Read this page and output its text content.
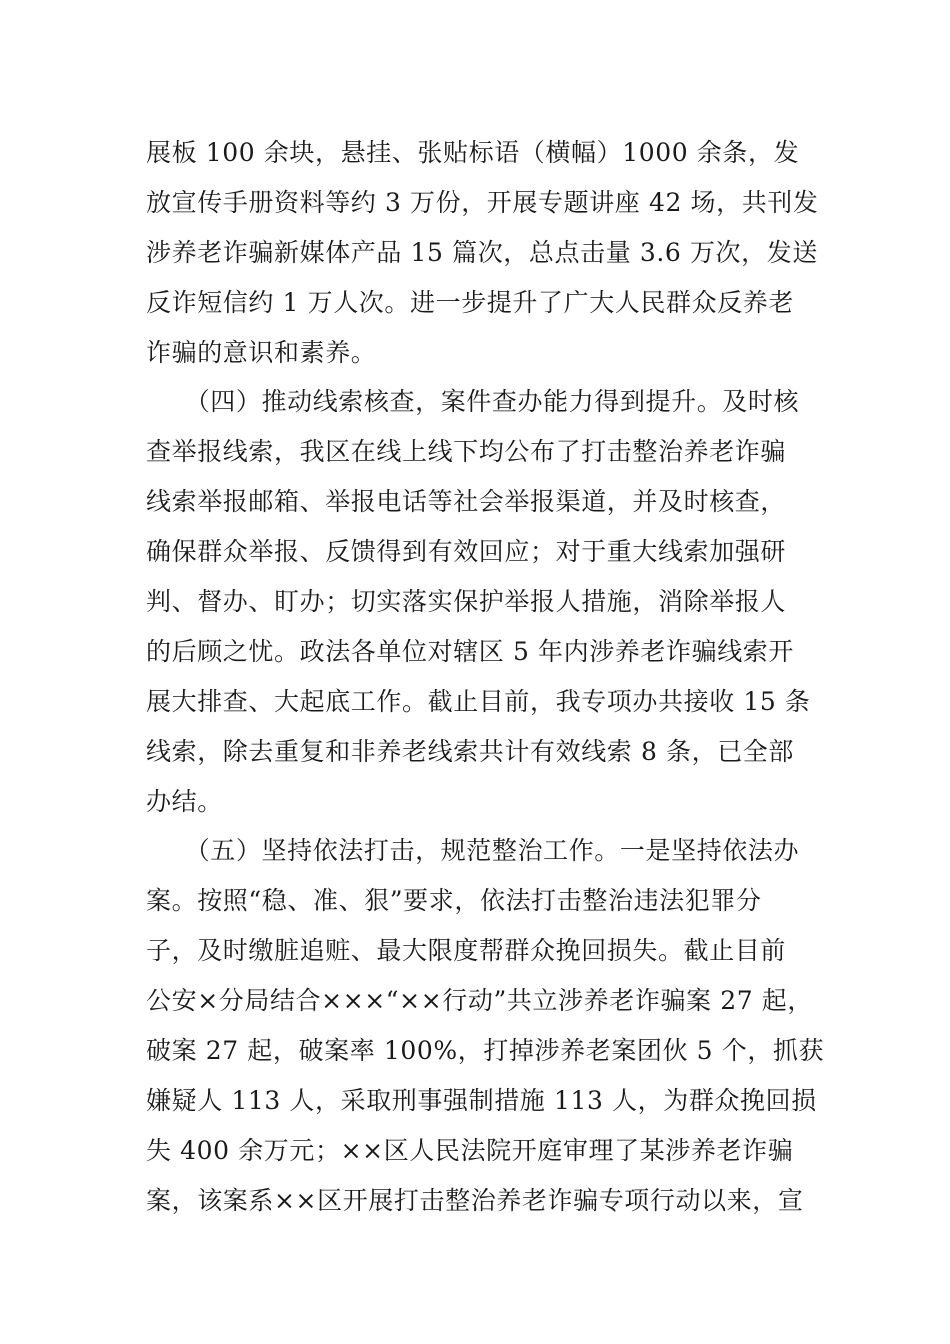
展板 100 余块，悬挂、张贴标语（横幅）1000 余条，发
放宣传手册资料等约 3 万份，开展专题讲座 42 场，共刊发
涉养老诈骗新媒体产品 15 篇次，总点击量 3.6 万次，发送
反诈短信约 1 万人次。进一步提升了广大人民群众反养老
诈骗的意识和素养。
　　（四）推动线索核查，案件查办能力得到提升。及时核
查举报线索，我区在线上线下均公布了打击整治养老诈骗
线索举报邮箱、举报电话等社会举报渠道，并及时核查，
确保群众举报、反馈得到有效回应；对于重大线索加强研
判、督办、盯办；切实落实保护举报人措施，消除举报人
的后顾之忧。政法各单位对辖区 5 年内涉养老诈骗线索开
展大排查、大起底工作。截止目前，我专项办共接收 15 条
线索，除去重复和非养老线索共计有效线索 8 条，已全部
办结。
　　（五）坚持依法打击，规范整治工作。一是坚持依法办
案。按照“稳、准、狠”要求，依法打击整治违法犯罪分
子，及时缴脏追赃、最大限度帮群众挽回损失。截止目前
公安×分局结合×××“××行动”共立涉养老诈骗案 27 起，
破案 27 起，破案率 100%，打掉涉养老案团伙 5 个，抓获
嫌疑人 113 人，采取刑事强制措施 113 人，为群众挽回损
失 400 余万元；××区人民法院开庭审理了某涉养老诈骗
案，该案系××区开展打击整治养老诈骗专项行动以来，宣
